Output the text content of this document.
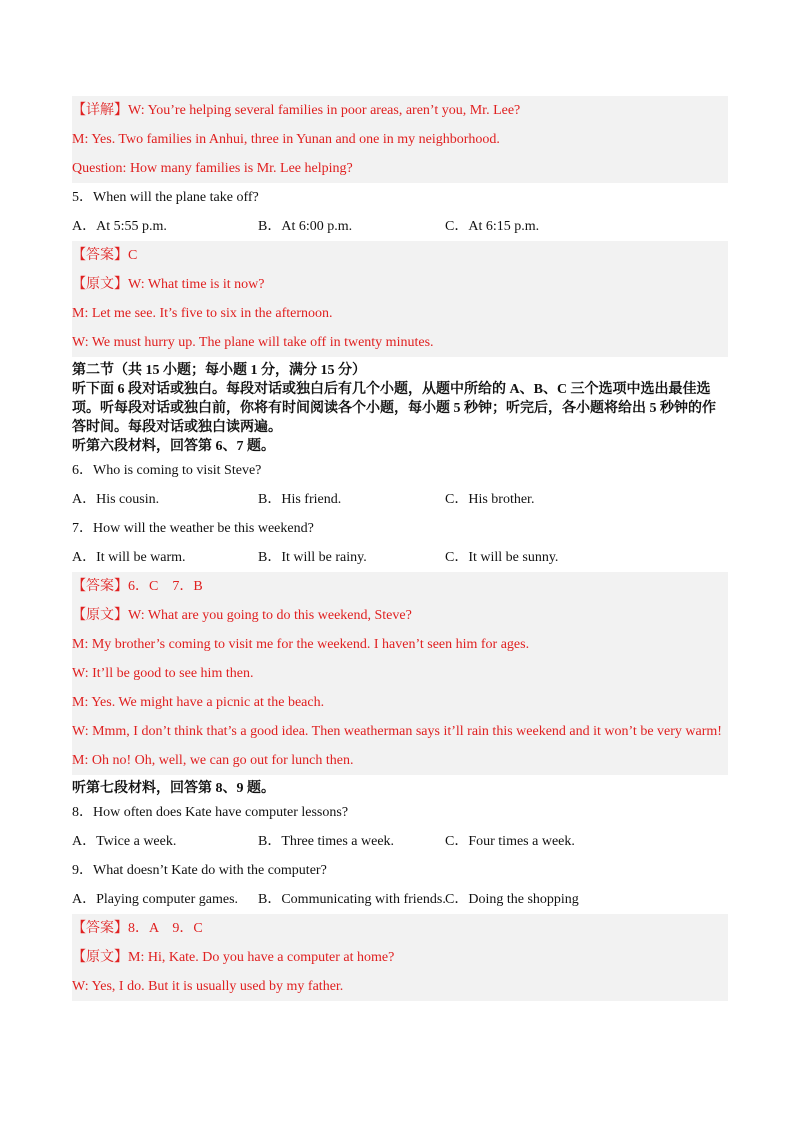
【详解】W: You’re helping several families in poor areas, aren’t you, Mr. Lee?
M: Yes. Two families in Anhui, three in Yunan and one in my neighborhood.
Question: How many families is Mr. Lee helping?
5．When will the plane take off?
A．At 5:55 p.m.	B．At 6:00 p.m.	C．At 6:15 p.m.
【答案】C
【原文】W: What time is it now?
M: Let me see. It’s five to six in the afternoon.
W: We must hurry up. The plane will take off in twenty minutes.
第二节（共 15 小题；每小题 1 分，满分 15 分）
听下面 6 段对话或独白。每段对话或独白后有几个小题，从题中所给的 A、B、C 三个选项中选出最佳选项。听每段对话或独白前，你将有时间阅读各个小题，每小题 5 秒钟；听完后，各小题将给出 5 秒钟的作答时间。每段对话或独白读两遍。
听第六段材料，回答第 6、7 题。
6．Who is coming to visit Steve?
A．His cousin.	B．His friend.	C．His brother.
7．How will the weather be this weekend?
A．It will be warm.	B．It will be rainy.	C．It will be sunny.
【答案】6．C　7．B
【原文】W: What are you going to do this weekend, Steve?
M: My brother’s coming to visit me for the weekend. I haven’t seen him for ages.
W: It’ll be good to see him then.
M: Yes. We might have a picnic at the beach.
W: Mmm, I don’t think that’s a good idea. Then weatherman says it’ll rain this weekend and it won’t be very warm!
M: Oh no! Oh, well, we can go out for lunch then.
听第七段材料，回答第 8、9 题。
8．How often does Kate have computer lessons?
A．Twice a week.	B．Three times a week.	C．Four times a week.
9．What doesn’t Kate do with the computer?
A．Playing computer games.	B．Communicating with friends. C．Doing the shopping
【答案】8．A　9．C
【原文】M: Hi, Kate. Do you have a computer at home?
W: Yes, I do. But it is usually used by my father.
